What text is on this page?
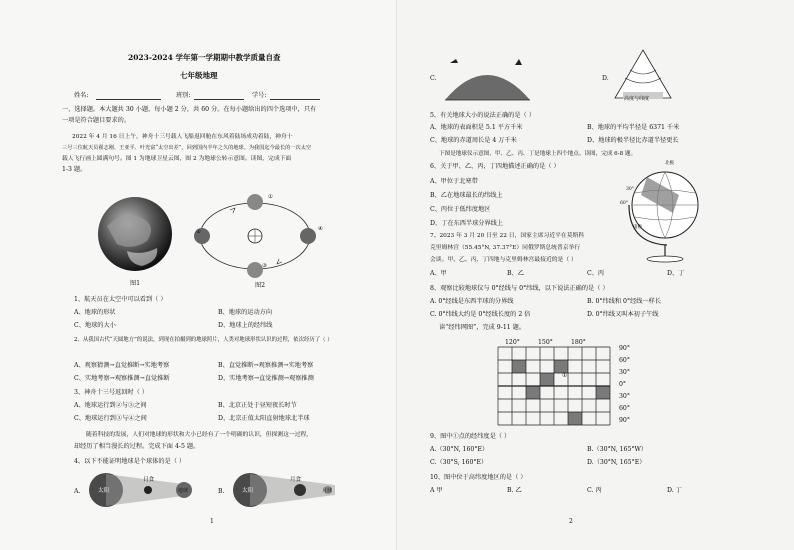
2023-2024 学年第一学期期中教学质量自查
七年级地理
姓名:	班别:	学号:
一、选择题。本大题共 30 小题，每小题 2 分，共 60 分。在每小题给出的四个选项中，只有
一项是符合题目要求的。
2022 年 4 月 16 日上午，神舟十三号载人飞船返回舱在东风着陆场成功着陆，神舟十
三号三位航天员翟志刚、王亚平、叶光富“太空出差”，回到国内半年之久的地球。为我国迄今最长的一次太空
载人飞行画上圆满句号。图 1 为地球卫星云图，图 2 为地球公转示意图。读图，完成下面
1-3 题。
图1
①
②
③
④
图2
1、航天员在太空中可以看到（ ）
A、地球的形状	B、地球的运动方向
C、地球的大小	D、地球上的经纬线
2、从我国古代“天圆地方”的说法，到现在拍摄到的地球照片，人类对地球形状认识的过程，依次经历了（ ）
A、观察猜测→直觉推断→实地考察	B、直觉推断→观察推测→实地考察
C、实地考察→观察推测→直觉推断	D、实地考察→直觉推测→观察推测
3、神舟十三号返回时（ ）
A、地球运行到②与③之间	B、北京正处于昼短夜长时节
C、地球运行到③与④之间	D、北京正值太阳直射地球北半球
随着科技的发展，人们对地球的形状和大小已经有了一个明确的认识，但探测这一过程，
却经历了相当漫长的过程。完成下面 4-5 题。
4、以下不能证明地球是个球体的是（ ）
A.	太阳
日食
地球	B.	太阳
月食
月球
1
C.	D.
高度与纬度
5、有关地球大小的说法正确的是（ ）
A、地球的表面积是 5.1 平方千米	B、地球的平均半径是 6371 千米
C、地球的赤道周长是 4 万千米	D、地球的极半径比赤道半径更长
下图是地球仪示意图，甲、乙、丙、丁是地球上四个地点。读图，完成 6-8 题。
6、关于甲、乙、丙、丁四地描述正确的是（ ）
A、甲位于北寒带
B、乙在地球最长的纬线上
C、丙位于低纬度地区
D、丁在东西半球分界线上
北极
30°
60°
南极
7、2023 年 3 月 20 日至 22 日，国家主席习近平在莫斯科
克里姆林宫（55.45°N, 37.37°E）同俄罗斯总统普京举行
会谈。甲、乙、丙、丁四地与克里姆林宫最接近的是（ ）
A、甲	B、乙	C、丙	D、丁
8、观察比较地球仪与 0°经线与 0°纬线，以下说法正确的是（ ）
A. 0°经线是东西半球的分界线	B. 0°纬线和 0°经线一样长
C. 0°纬线大约是 0°经线长度的 2 倍	D. 0°纬线又叫本初子午线
读“经纬网图”，完成 9-11 题。
120°	150°	180°
①
90°
60°
30°
0°
30°
60°
90°
9、图中①点的经纬度是（ ）
A.（30°N, 160°E）	B.（30°N, 165°W）
C.（30°S, 160°E）	D.（30°N, 165°E）
10、图中位于高纬度地区的是（ ）
A 甲	B. 乙	C. 丙	D. 丁
2
